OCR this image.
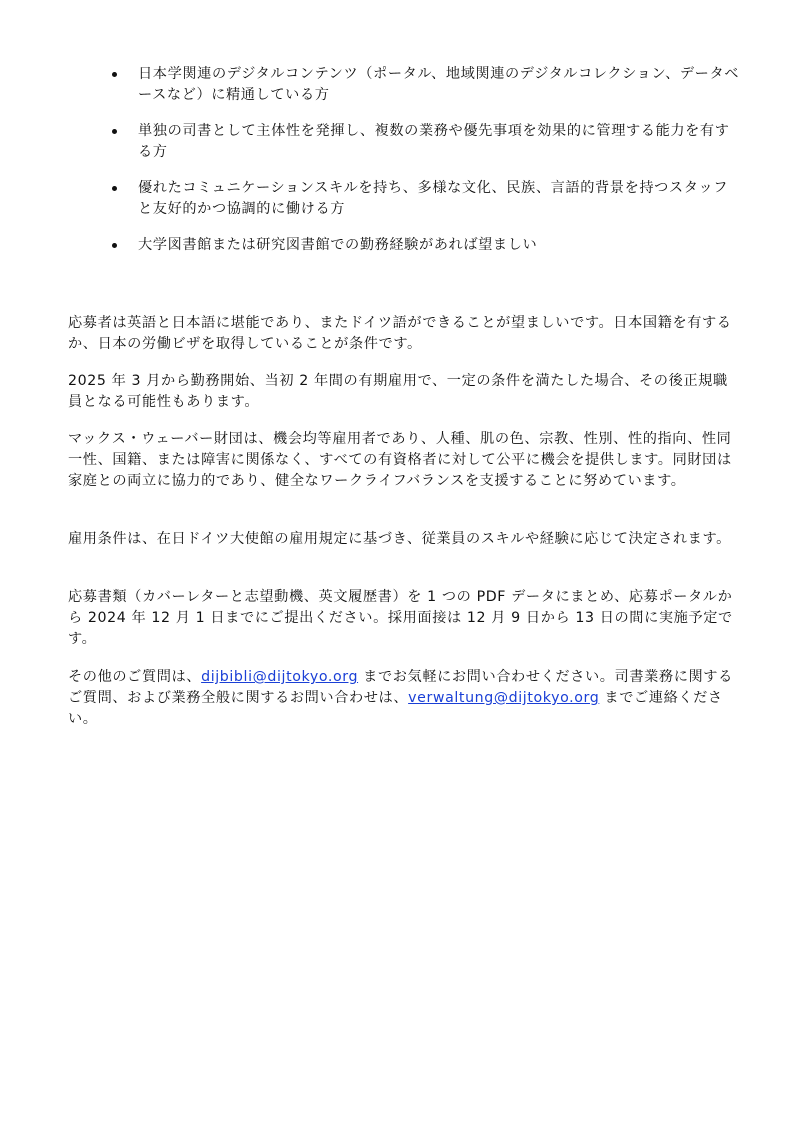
日本学関連のデジタルコンテンツ（ポータル、地域関連のデジタルコレクション、データベースなど）に精通している方
単独の司書として主体性を発揮し、複数の業務や優先事項を効果的に管理する能力を有する方
優れたコミュニケーションスキルを持ち、多様な文化、民族、言語的背景を持つスタッフと友好的かつ協調的に働ける方
大学図書館または研究図書館での勤務経験があれば望ましい

応募者は英語と日本語に堪能であり、またドイツ語ができることが望ましいです。日本国籍を有するか、日本の労働ビザを取得していることが条件です。

2025 年 3 月から勤務開始、当初 2 年間の有期雇用で、一定の条件を満たした場合、その後正規職員となる可能性もあります。

マックス・ウェーバー財団は、機会均等雇用者であり、人種、肌の色、宗教、性別、性的指向、性同一性、国籍、または障害に関係なく、すべての有資格者に対して公平に機会を提供します。同財団は家庭との両立に協力的であり、健全なワークライフバランスを支援することに努めています。

雇用条件は、在日ドイツ大使館の雇用規定に基づき、従業員のスキルや経験に応じて決定されます。

応募書類（カバーレターと志望動機、英文履歴書）を 1 つの PDF データにまとめ、応募ポータルから 2024 年 12 月 1 日までにご提出ください。採用面接は 12 月 9 日から 13 日の間に実施予定です。

その他のご質問は、dijbibli@dijtokyo.org までお気軽にお問い合わせください。司書業務に関するご質問、および業務全般に関するお問い合わせは、verwaltung@dijtokyo.org までご連絡ください。
